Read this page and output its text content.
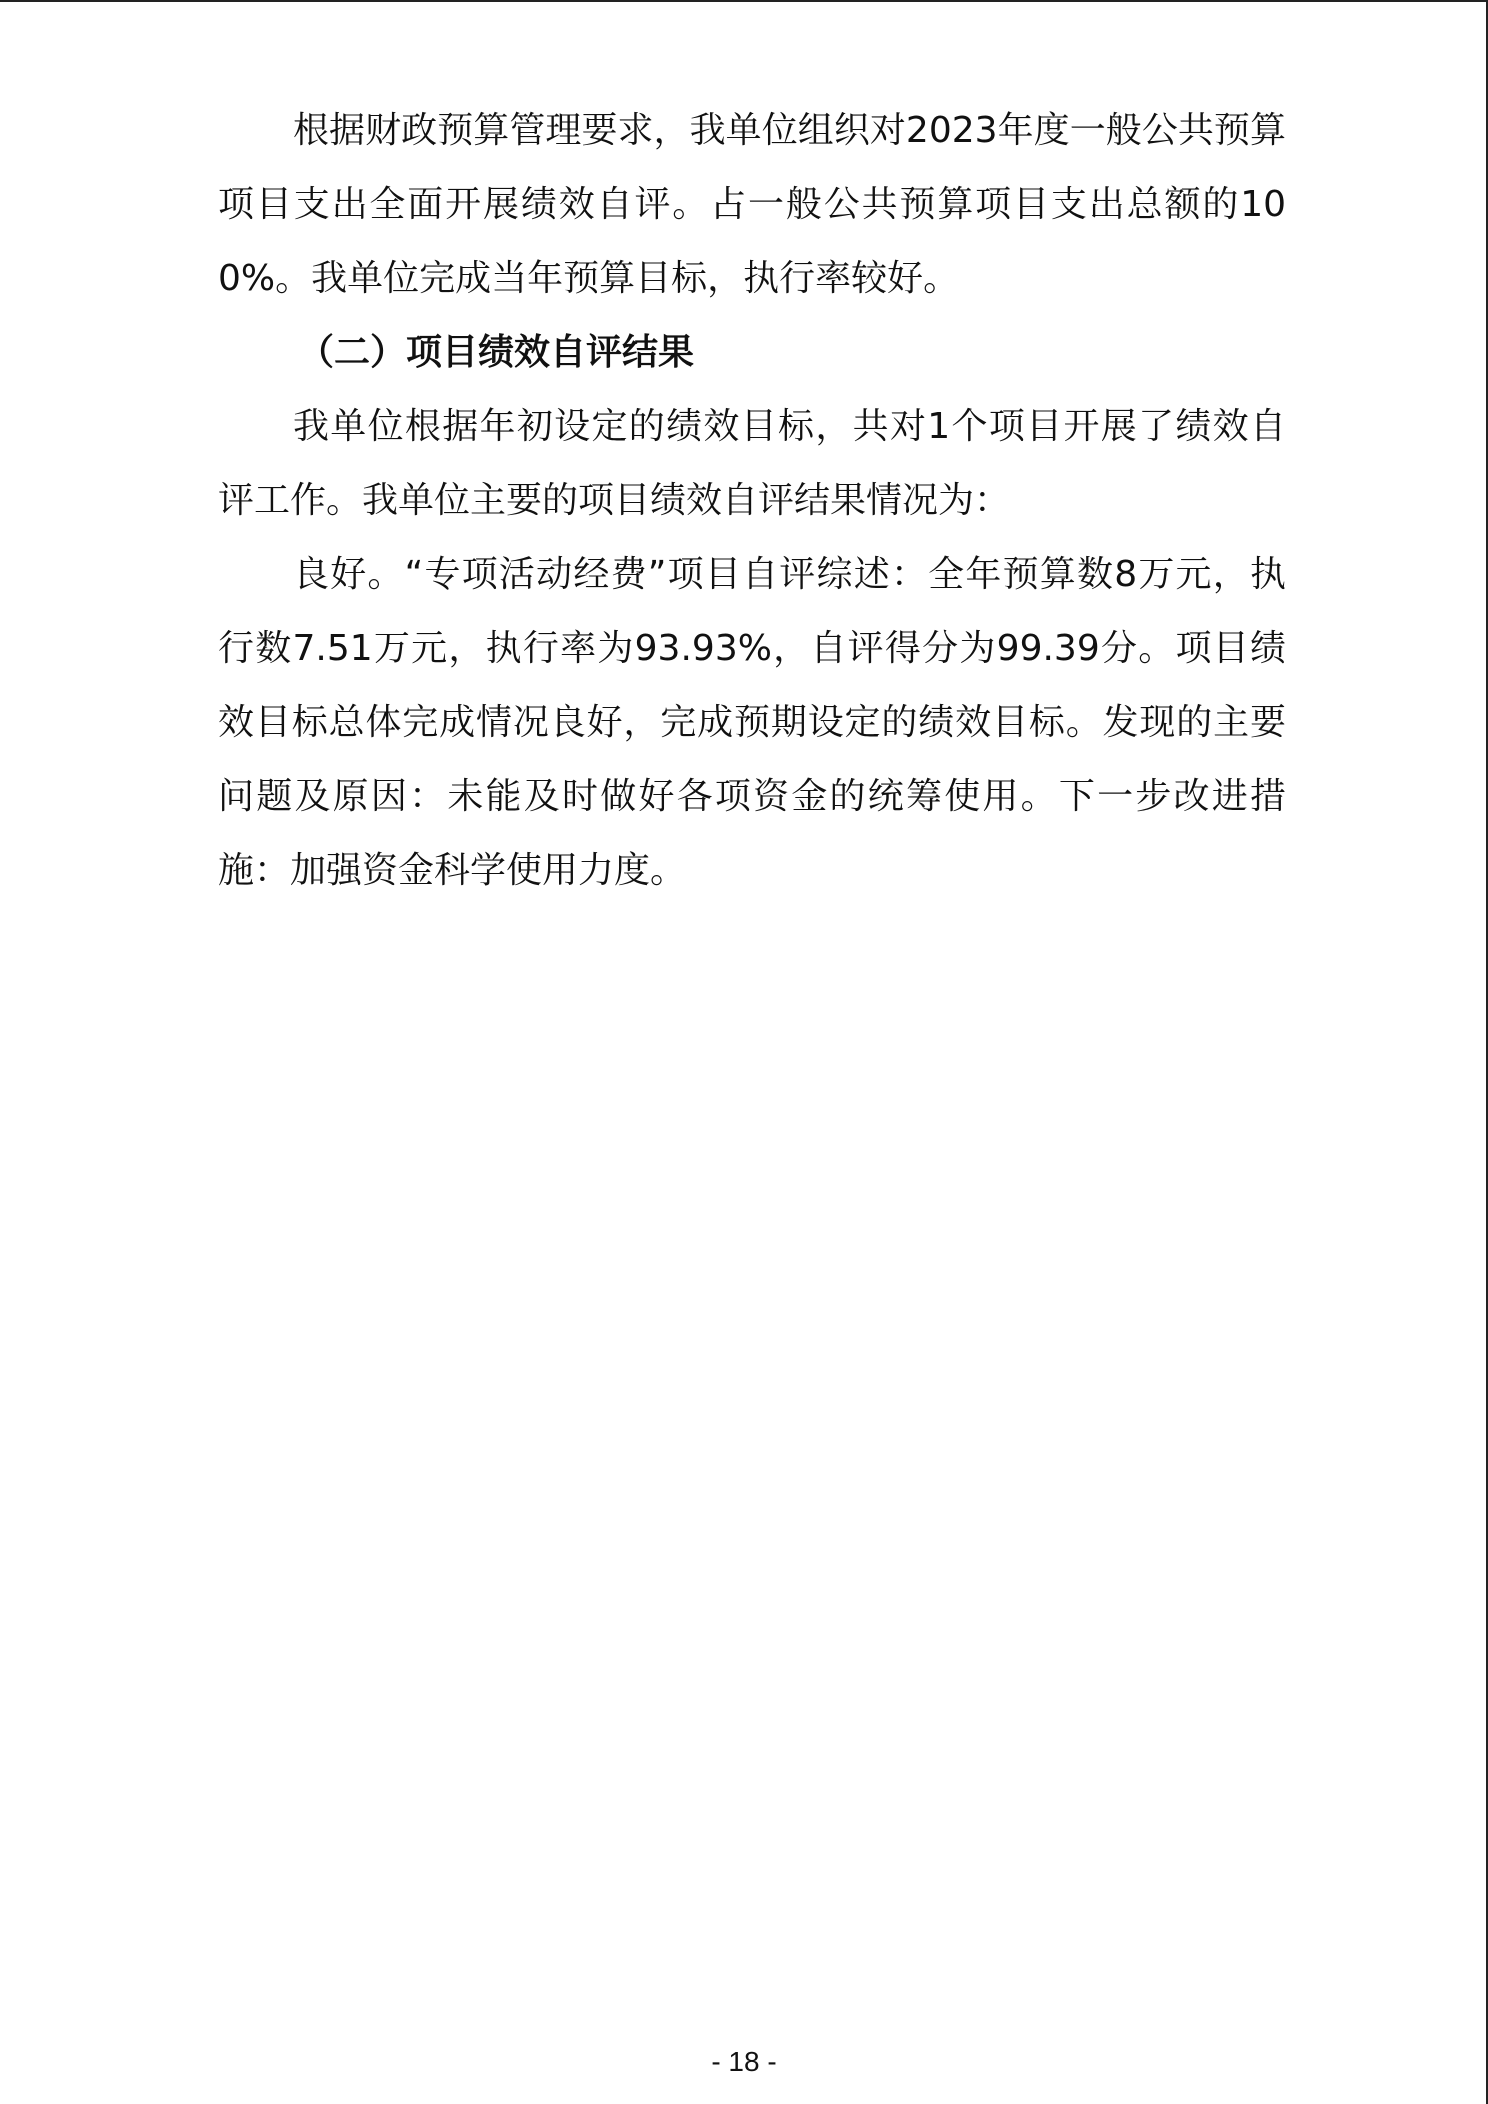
根据财政预算管理要求，我单位组织对2023年度一般公共预算项目支出全面开展绩效自评。占一般公共预算项目支出总额的100%。我单位完成当年预算目标，执行率较好。

（二）项目绩效自评结果

我单位根据年初设定的绩效目标，共对1个项目开展了绩效自评工作。我单位主要的项目绩效自评结果情况为：

良好。“专项活动经费”项目自评综述：全年预算数8万元，执行数7.51万元，执行率为93.93%，自评得分为99.39分。项目绩效目标总体完成情况良好，完成预期设定的绩效目标。发现的主要问题及原因：未能及时做好各项资金的统筹使用。下一步改进措施：加强资金科学使用力度。

- 18 -
